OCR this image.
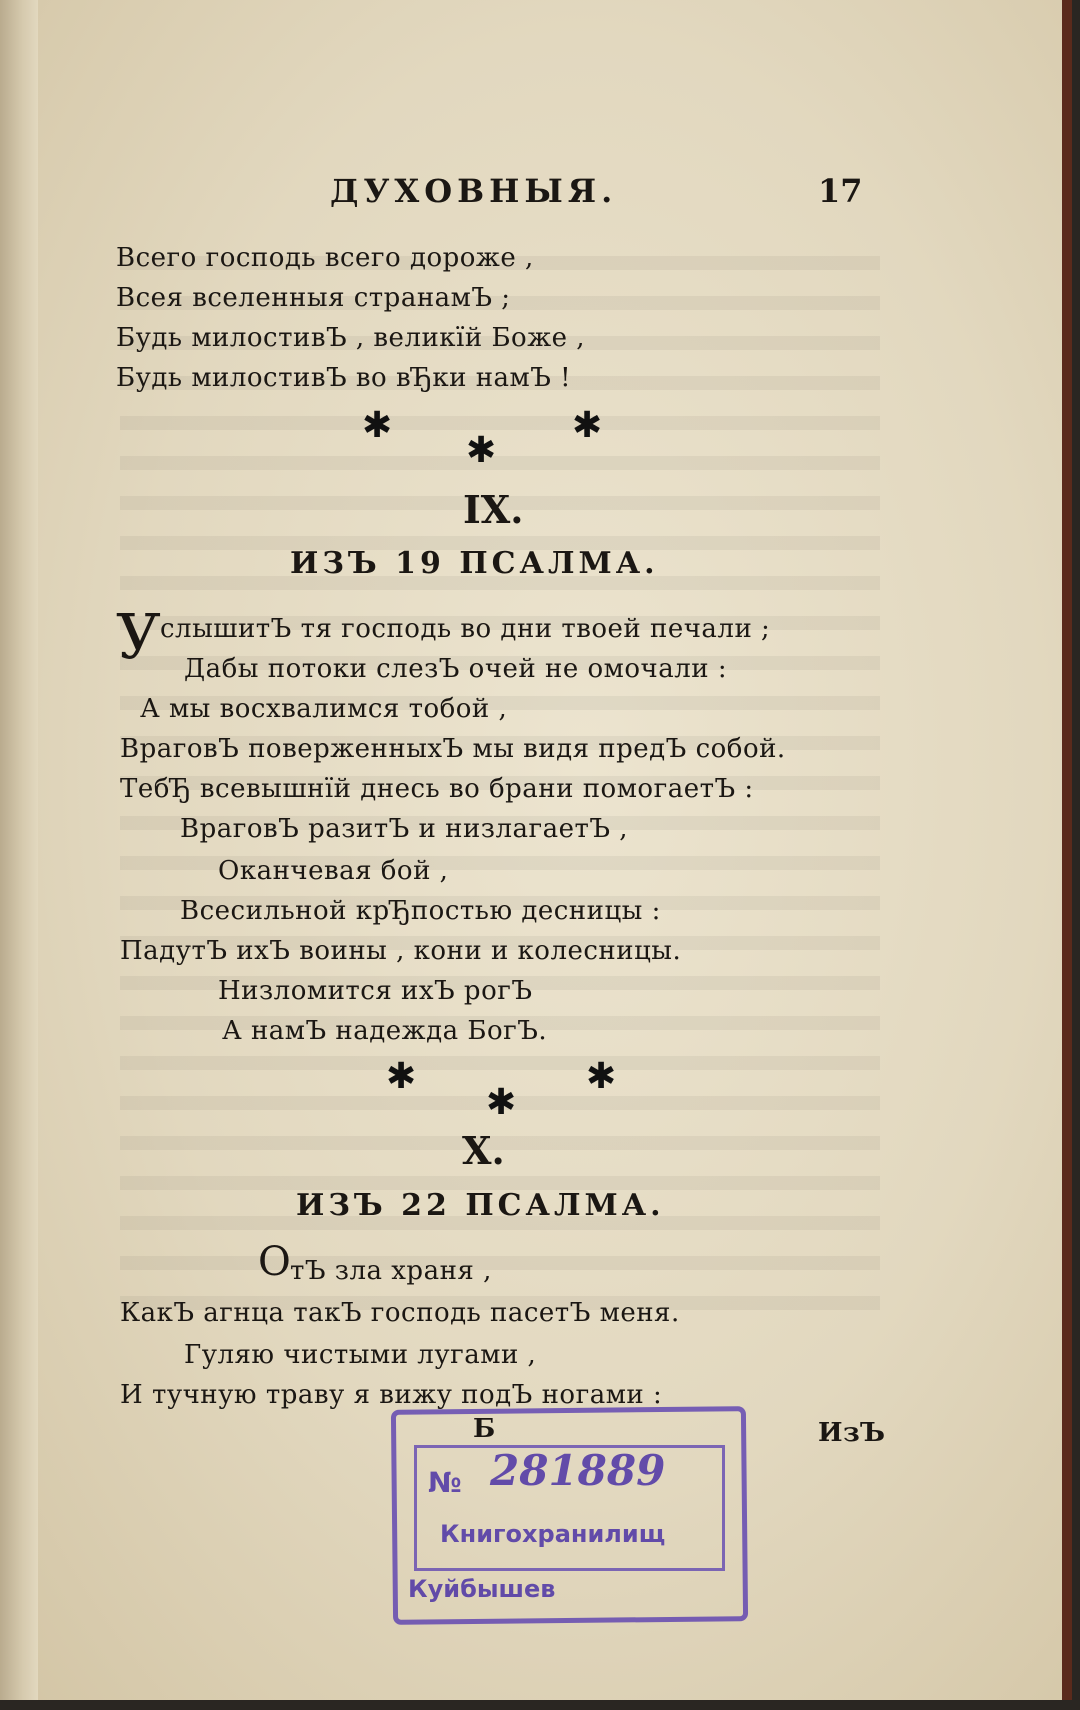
ДУХОВНЫЯ.	17
Всего господь всего дороже ,
Всея вселенныя странамЪ ;
Будь милостивЪ , великїй Боже ,
Будь милостивЪ во вЂки намЪ !
✱	✱
✱
IX.
ИЗЪ 19 ПСАЛМА.
У слышитЪ тя господь во дни твоей печали ;
Дабы потоки слезЪ очей не омочали :
А мы восхвалимся тобой ,
ВраговЪ поверженныхЪ мы видя предЪ собой.
ТебЂ всевышнїй днесь во брани помогаетЪ :
ВраговЪ разитЪ и низлагаетЪ ,
Оканчевая бой ,
Всесильной крЂпостью десницы :
ПадутЪ ихЪ воины , кони и колесницы.
Низломится ихЪ рогЪ
А намЪ надежда БогЪ.
✱	✱
✱
X.
ИЗЪ 22 ПСАЛМА.
О тЪ зла храня ,
КакЪ агнца такЪ господь пасетЪ меня.
Гуляю чистыми лугами ,
И тучную траву я вижу подЪ ногами :
Б	ИзЪ
№ 281889
Книгохранилищ
Куйбышев
